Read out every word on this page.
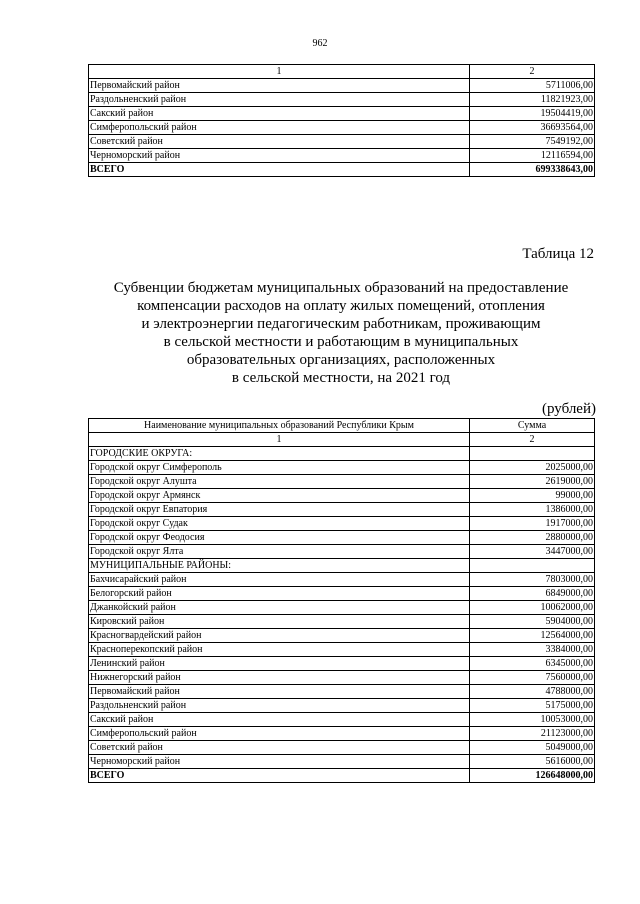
962
1	2
Первомайский район	5711006,00
Раздольненский район	11821923,00
Сакский район	19504419,00
Симферопольский район	36693564,00
Советский район	7549192,00
Черноморский район	12116594,00
ВСЕГО	699338643,00
Таблица 12
Субвенции бюджетам муниципальных образований на предоставление
компенсации расходов на оплату жилых помещений, отопления
и электроэнергии педагогическим работникам, проживающим
в сельской местности и работающим в муниципальных
образовательных организациях, расположенных
в сельской местности, на 2021 год
(рублей)
Наименование муниципальных образований Республики Крым	Сумма
1	2
ГОРОДСКИЕ ОКРУГА:	
Городской округ Симферополь	2025000,00
Городской округ Алушта	2619000,00
Городской округ Армянск	99000,00
Городской округ Евпатория	1386000,00
Городской округ Судак	1917000,00
Городской округ Феодосия	2880000,00
Городской округ Ялта	3447000,00
МУНИЦИПАЛЬНЫЕ РАЙОНЫ:	
Бахчисарайский район	7803000,00
Белогорский район	6849000,00
Джанкойский район	10062000,00
Кировский район	5904000,00
Красногвардейский район	12564000,00
Красноперекопский район	3384000,00
Ленинский район	6345000,00
Нижнегорский район	7560000,00
Первомайский район	4788000,00
Раздольненский район	5175000,00
Сакский район	10053000,00
Симферопольский район	21123000,00
Советский район	5049000,00
Черноморский район	5616000,00
ВСЕГО	126648000,00
